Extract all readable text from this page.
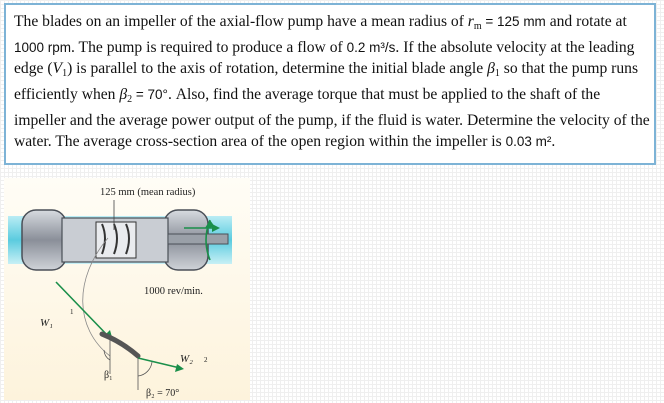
The blades on an impeller of the axial-flow pump have a mean radius of $r_m = 125$ mm and rotate at 1000 rpm. The pump is required to produce a flow of 0.2 m³/s. If the absolute velocity at the leading edge $(V_1)$ is parallel to the axis of rotation, determine the initial blade angle $\beta_1$ so that the pump runs efficiently when $\beta_2 = 70^\circ$. Also, find the average torque that must be applied to the shaft of the impeller and the average power output of the pump, if the fluid is water. Determine the velocity of the water. The average cross-section area of the open region within the impeller is 0.03 m².

125 mm (mean radius)
1000 rev/min.
W₁
1
β₁
W₂ 2
β₂ = 70°
